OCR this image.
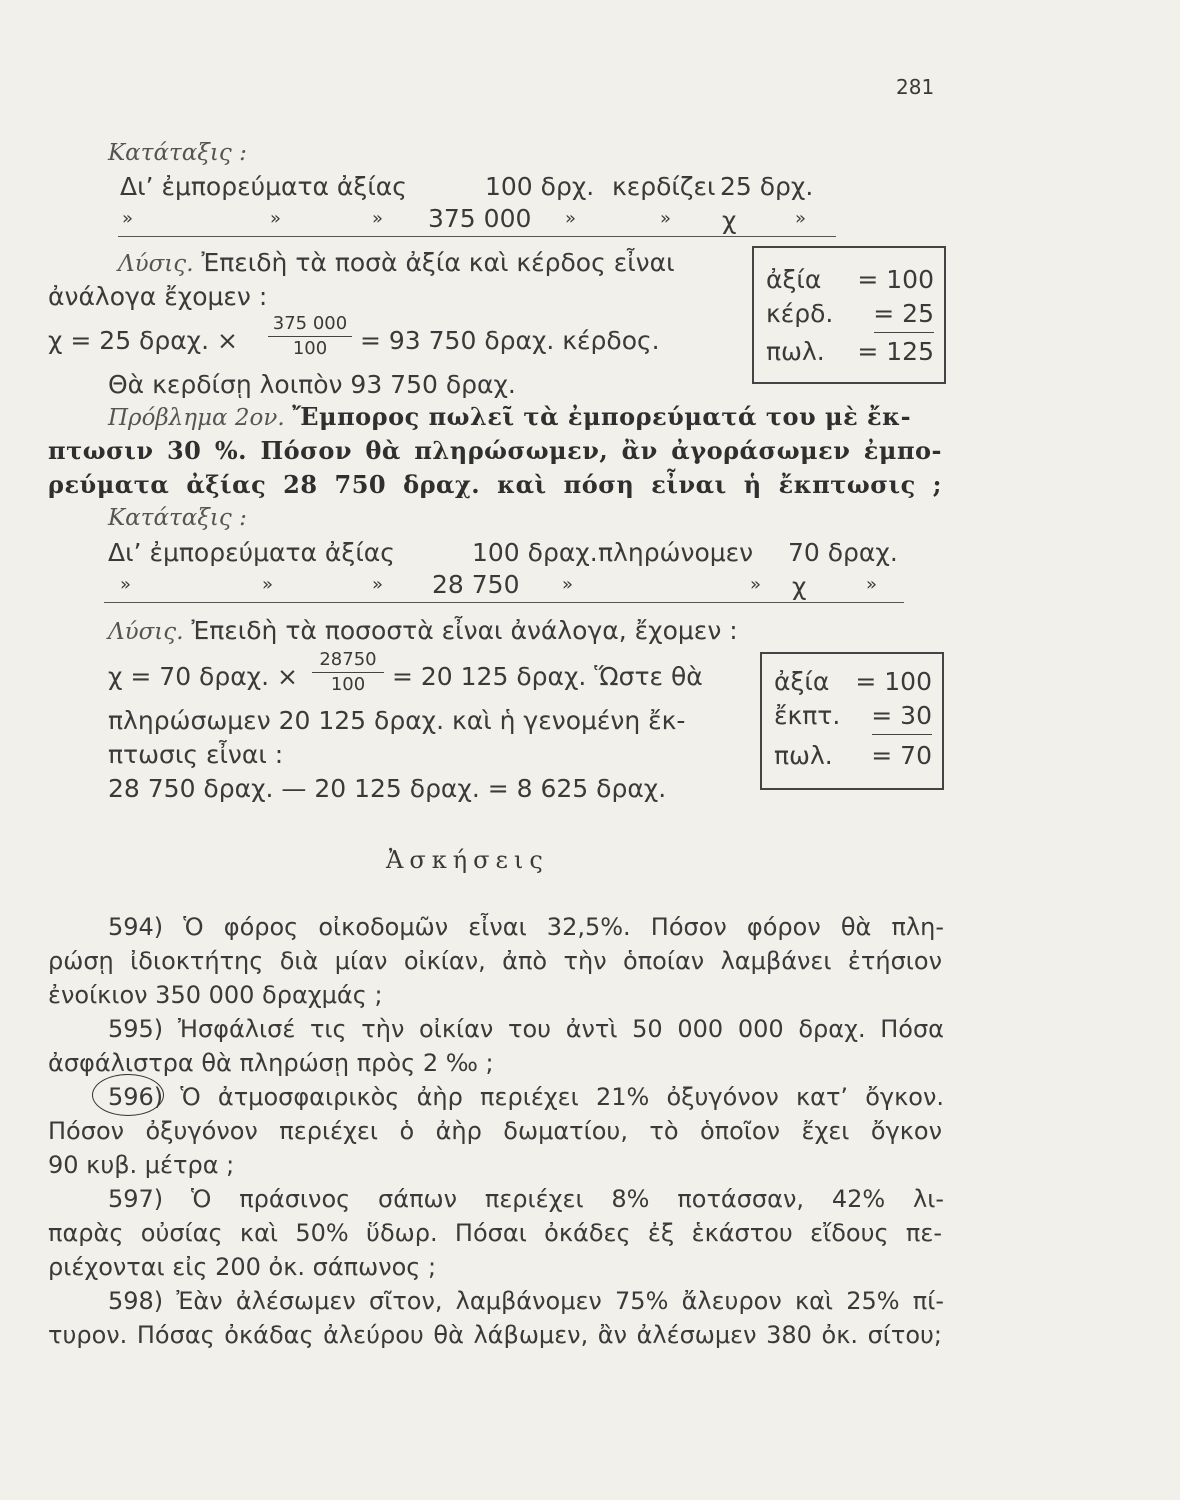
281
Κατάταξις :
Δι’ ἐμπορεύματα ἀξίας	100 δρχ. κερδίζει 25 δρχ.
»	»	» 375 000 »	» χ	»
Λύσις. Ἐπειδὴ τὰ ποσὰ ἀξία καὶ κέρδος εἶναι
ἀνάλογα ἔχομεν :
χ = 25 δραχ. × $\frac{375 000}{100} = 93$ 750 δραχ. κέρδος.
Θὰ κερδίσῃ λοιπὸν 93 750 δραχ.
ἀξία = 100
κέρδ. = 25
πωλ. = 125
Πρόβλημα 2ον. Ἔμπορος πωλεῖ τὰ ἐμπορεύματά του μὲ ἔκ-
πτωσιν 30 %. Πόσον θὰ πληρώσωμεν, ἂν ἀγοράσωμεν ἐμπο-
ρεύματα ἀξίας 28 750 δραχ. καὶ πόση εἶναι ἡ ἔκπτωσις ;
Κατάταξις :
Δι’ ἐμπορεύματα ἀξίας	100 δραχ. πληρώνομεν 70 δραχ.
»	»	» 28 750 »	» χ	»
Λύσις. Ἐπειδὴ τὰ ποσοστὰ εἶναι ἀνάλογα, ἔχομεν :
χ = 70 δραχ. × $\frac{28750}{100} = 20$ 125 δραχ. Ὥστε θὰ
πληρώσωμεν 20 125 δραχ. καὶ ἡ γενομένη ἔκ-
πτωσις εἶναι :
28 750 δραχ. — 20 125 δραχ. = 8 625 δραχ.
ἀξία = 100
ἔκπτ. = 30
πωλ. = 70
Ἀσκήσεις
594) Ὁ φόρος οἰκοδομῶν εἶναι 32,5%. Πόσον φόρον θὰ πλη-
ρώσῃ ἰδιοκτήτης διὰ μίαν οἰκίαν, ἀπὸ τὴν ὁποίαν λαμβάνει ἐτήσιον
ἐνοίκιον 350 000 δραχμάς ;
595) Ἠσφάλισέ τις τὴν οἰκίαν του ἀντὶ 50 000 000 δραχ. Πόσα
ἀσφάλιστρα θὰ πληρώσῃ πρὸς 2 ‰ ;
596) Ὁ ἀτμοσφαιρικὸς ἀὴρ περιέχει 21% ὀξυγόνον κατ’ ὄγκον.
Πόσον ὀξυγόνον περιέχει ὁ ἀὴρ δωματίου, τὸ ὁποῖον ἔχει ὄγκον
90 κυβ. μέτρα ;
597) Ὁ πράσινος σάπων περιέχει 8% ποτάσσαν, 42% λι-
παρὰς οὐσίας καὶ 50% ὕδωρ. Πόσαι ὀκάδες ἐξ ἑκάστου εἴδους πε-
ριέχονται εἰς 200 ὀκ. σάπωνος ;
598) Ἐὰν ἀλέσωμεν σῖτον, λαμβάνομεν 75% ἄλευρον καὶ 25% πί-
τυρον. Πόσας ὀκάδας ἀλεύρου θὰ λάβωμεν, ἂν ἀλέσωμεν 380 ὀκ. σίτου;
